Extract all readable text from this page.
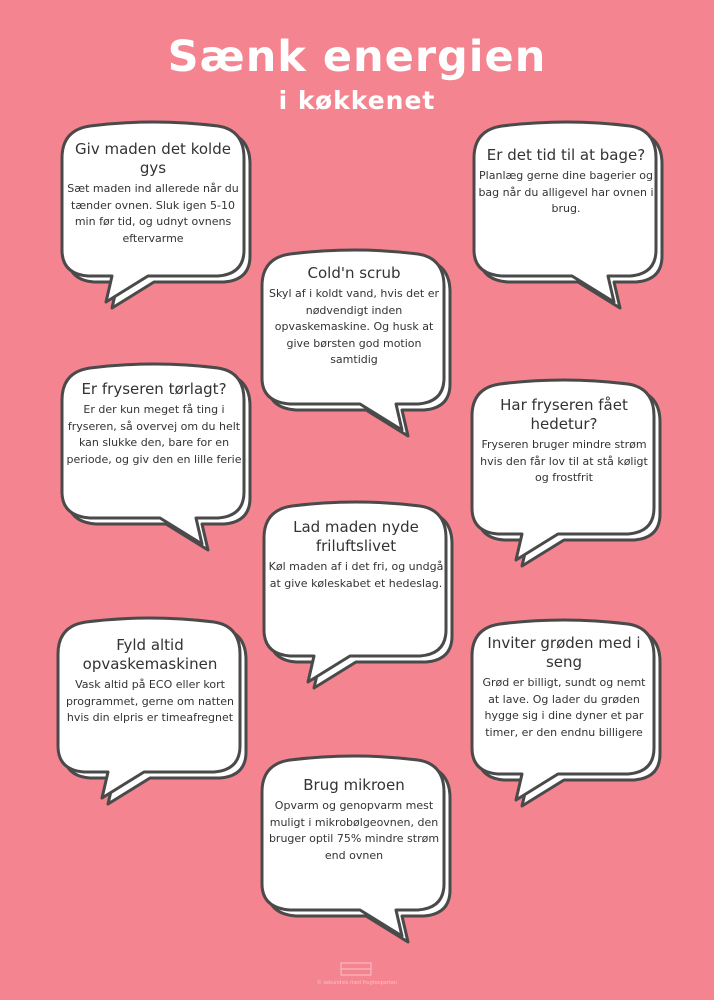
Sænk energien
i køkkenet
Giv maden det kolde gys
Sæt maden ind allerede når du tænder ovnen. Sluk igen 5-10 min før tid, og udnyt ovnens eftervarme
Er det tid til at bage?
Planlæg gerne dine bagerier og bag når du alligevel har ovnen i brug.
Cold'n scrub
Skyl af i koldt vand, hvis det er nødvendigt inden opvaskemaskine. Og husk at give børsten god motion samtidig
Er fryseren tørlagt?
Er der kun meget få ting i fryseren, så overvej om du helt kan slukke den, bare for en periode, og giv den en lille ferie
Har fryseren fået hedetur?
Fryseren bruger mindre strøm hvis den får lov til at stå køligt og frostfrit
Lad maden nyde friluftslivet
Køl maden af i det fri, og undgå at give køleskabet et hedeslag.
Fyld altid opvaskemaskinen
Vask altid på ECO eller kort programmet, gerne om natten hvis din elpris er timeafregnet
Inviter grøden med i seng
Grød er billigt, sundt og nemt at lave. Og lader du grøden hygge sig i dine dyner et par timer, er den endnu billigere
Brug mikroen
Opvarm og genopvarm mest muligt i mikrobølgeovnen, den bruger optil 75% mindre strøm end ovnen
© sekundvis med frugtexperten
